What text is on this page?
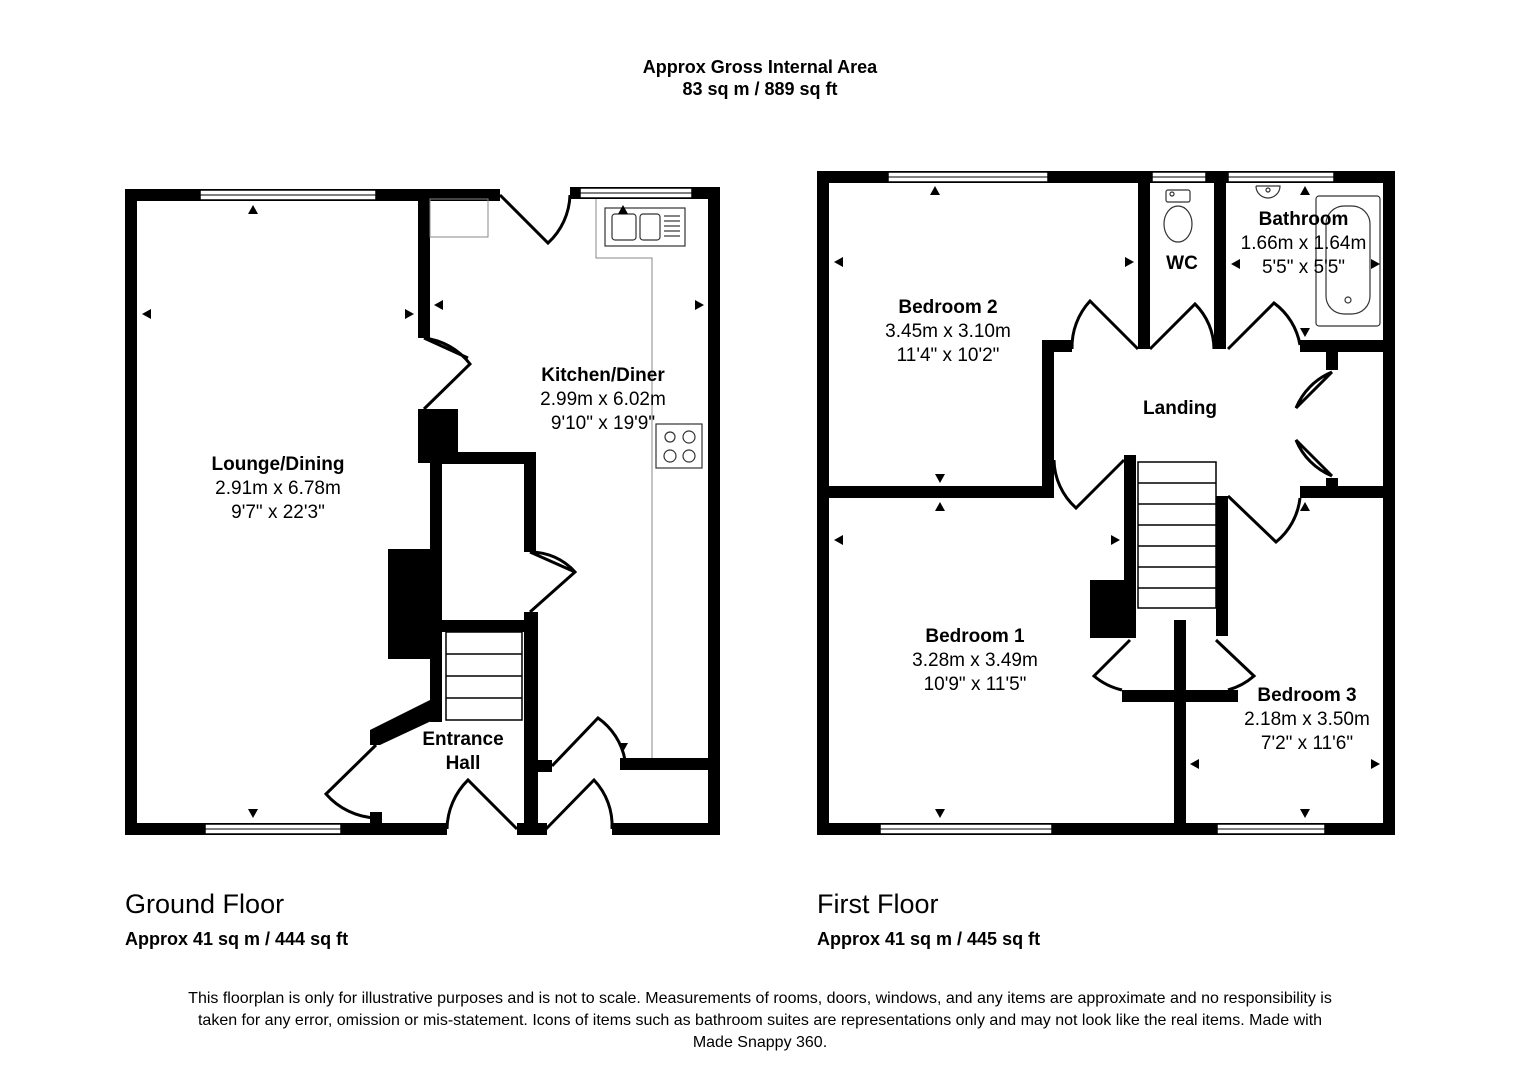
Approx Gross Internal Area
83 sq m / 889 sq ft
Lounge/Dining
2.91m x 6.78m
9'7" x 22'3"
Kitchen/Diner
2.99m x 6.02m
9'10" x 19'9"
Entrance
Hall
Bedroom 2
3.45m x 3.10m
11'4" x 10'2"
WC
Bathroom
1.66m x 1.64m
5'5" x 5'5"
Landing
Bedroom 1
3.28m x 3.49m
10'9" x 11'5"
Bedroom 3
2.18m x 3.50m
7'2" x 11'6"
Ground Floor
Approx 41 sq m / 444 sq ft
First Floor
Approx 41 sq m / 445 sq ft
This floorplan is only for illustrative purposes and is not to scale. Measurements of rooms, doors, windows, and any items are approximate and no responsibility is taken for any error, omission or mis-statement. Icons of items such as bathroom suites are representations only and may not look like the real items. Made with Made Snappy 360.
